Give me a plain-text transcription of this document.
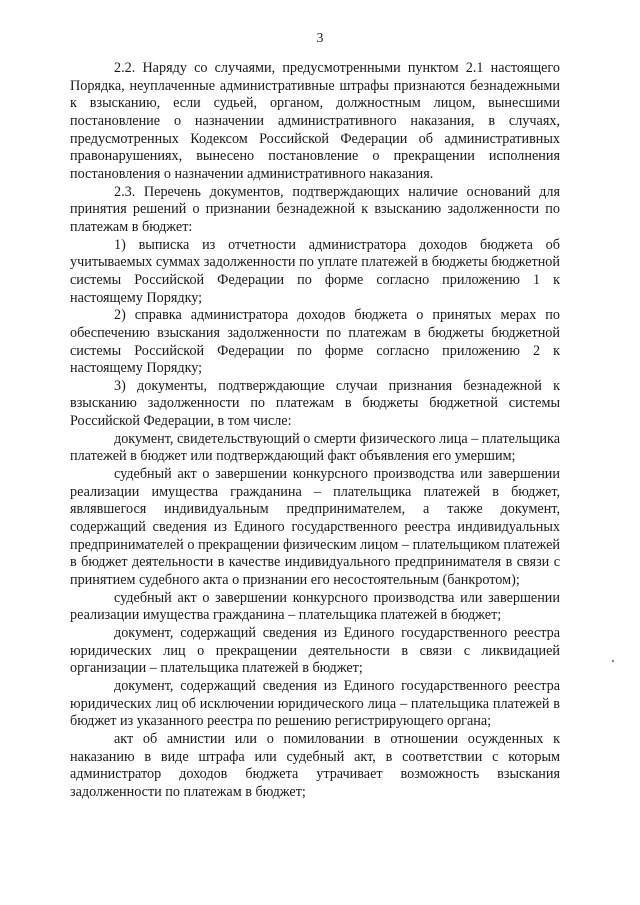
3

2.2. Наряду со случаями, предусмотренными пунктом 2.1 настоящего Порядка, неуплаченные административные штрафы признаются безнадежными к взысканию, если судьей, органом, должностным лицом, вынесшими постановление о назначении административного наказания, в случаях, предусмотренных Кодексом Российской Федерации об административных правонарушениях, вынесено постановление о прекращении исполнения постановления о назначении административного наказания.

2.3. Перечень документов, подтверждающих наличие оснований для принятия решений о признании безнадежной к взысканию задолженности по платежам в бюджет:

1) выписка из отчетности администратора доходов бюджета об учитываемых суммах задолженности по уплате платежей в бюджеты бюджетной системы Российской Федерации по форме согласно приложению 1 к настоящему Порядку;

2) справка администратора доходов бюджета о принятых мерах по обеспечению взыскания задолженности по платежам в бюджеты бюджетной системы Российской Федерации по форме согласно приложению 2 к настоящему Порядку;

3) документы, подтверждающие случаи признания безнадежной к взысканию задолженности по платежам в бюджеты бюджетной системы Российской Федерации, в том числе:

документ, свидетельствующий о смерти физического лица – плательщика платежей в бюджет или подтверждающий факт объявления его умершим;

судебный акт о завершении конкурсного производства или завершении реализации имущества гражданина – плательщика платежей в бюджет, являвшегося индивидуальным предпринимателем, а также документ, содержащий сведения из Единого государственного реестра индивидуальных предпринимателей о прекращении физическим лицом – плательщиком платежей в бюджет деятельности в качестве индивидуального предпринимателя в связи с принятием судебного акта о признании его несостоятельным (банкротом);

судебный акт о завершении конкурсного производства или завершении реализации имущества гражданина – плательщика платежей в бюджет;

документ, содержащий сведения из Единого государственного реестра юридических лиц о прекращении деятельности в связи с ликвидацией организации – плательщика платежей в бюджет;

документ, содержащий сведения из Единого государственного реестра юридических лиц об исключении юридического лица – плательщика платежей в бюджет из указанного реестра по решению регистрирующего органа;

акт об амнистии или о помиловании в отношении осужденных к наказанию в виде штрафа или судебный акт, в соответствии с которым администратор доходов бюджета утрачивает возможность взыскания задолженности по платежам в бюджет;
